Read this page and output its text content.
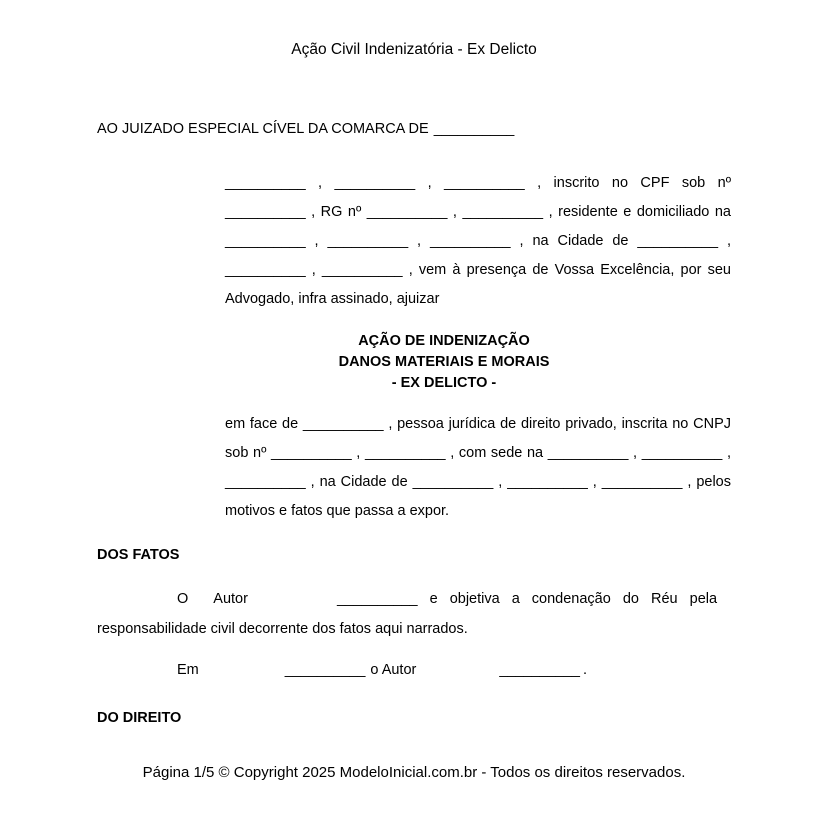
Ação Civil Indenizatória - Ex Delicto
AO JUIZADO ESPECIAL CÍVEL DA COMARCA DE __________

__________ , __________ , __________ , inscrito no CPF sob nº __________ , RG nº __________ , __________ , residente e domiciliado na __________ , __________ , __________ , na Cidade de __________ , __________ , __________ , vem à presença de Vossa Excelência, por seu Advogado, infra assinado, ajuizar

AÇÃO DE INDENIZAÇÃO
DANOS MATERIAIS E MORAIS
- EX DELICTO -

em face de __________ , pessoa jurídica de direito privado, inscrita no CNPJ sob nº __________ , __________ , com sede na __________ , __________ , __________ , na Cidade de __________ , __________ , __________ , pelos motivos e fatos que passa a expor.

DOS FATOS
O Autor	__________ e objetiva a condenação do Réu pela
responsabilidade civil decorrente dos fatos aqui narrados.
Em	__________ o Autor	__________ .
DO DIREITO
Página 1/5 © Copyright 2025 ModeloInicial.com.br - Todos os direitos reservados.
